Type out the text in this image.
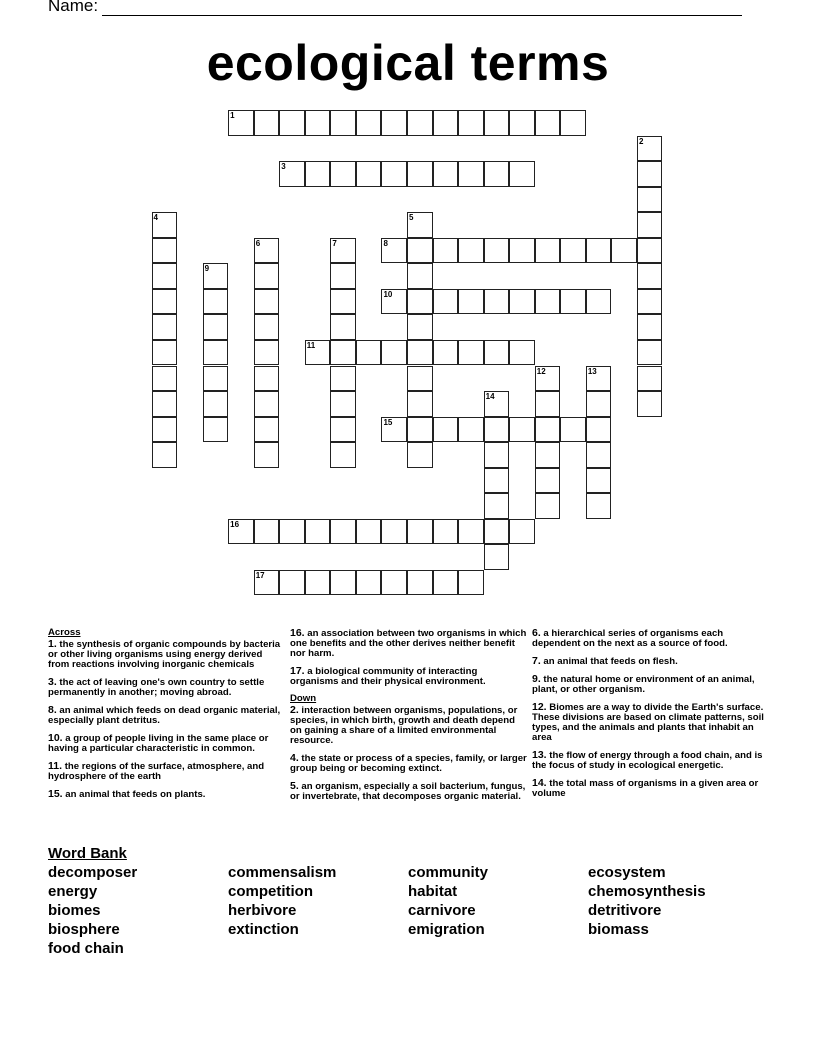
Name:
ecological terms
1
2
3
4	5
6	7	8
9
10
11
12	13
14
15
16
17
Across
1. the synthesis of organic compounds by bacteria or other living organisms using energy derived from reactions involving inorganic chemicals
3. the act of leaving one's own country to settle permanently in another; moving abroad.
8. an animal which feeds on dead organic material, especially plant detritus.
10. a group of people living in the same place or having a particular characteristic in common.
11. the regions of the surface, atmosphere, and hydrosphere of the earth
15. an animal that feeds on plants.
16. an association between two organisms in which one benefits and the other derives neither benefit nor harm.
17. a biological community of interacting organisms and their physical environment.
Down
2. interaction between organisms, populations, or species, in which birth, growth and death depend on gaining a share of a limited environmental resource.
4. the state or process of a species, family, or larger group being or becoming extinct.
5. an organism, especially a soil bacterium, fungus, or invertebrate, that decomposes organic material.
6. a hierarchical series of organisms each dependent on the next as a source of food.
7. an animal that feeds on flesh.
9. the natural home or environment of an animal, plant, or other organism.
12. Biomes are a way to divide the Earth's surface. These divisions are based on climate patterns, soil types, and the animals and plants that inhabit an area
13. the flow of energy through a food chain, and is the focus of study in ecological energetic.
14. the total mass of organisms in a given area or volume
Word Bank
decomposer
energy
biomes
biosphere
food chain
commensalism
competition
herbivore
extinction
community
habitat
carnivore
emigration
ecosystem
chemosynthesis
detritivore
biomass
